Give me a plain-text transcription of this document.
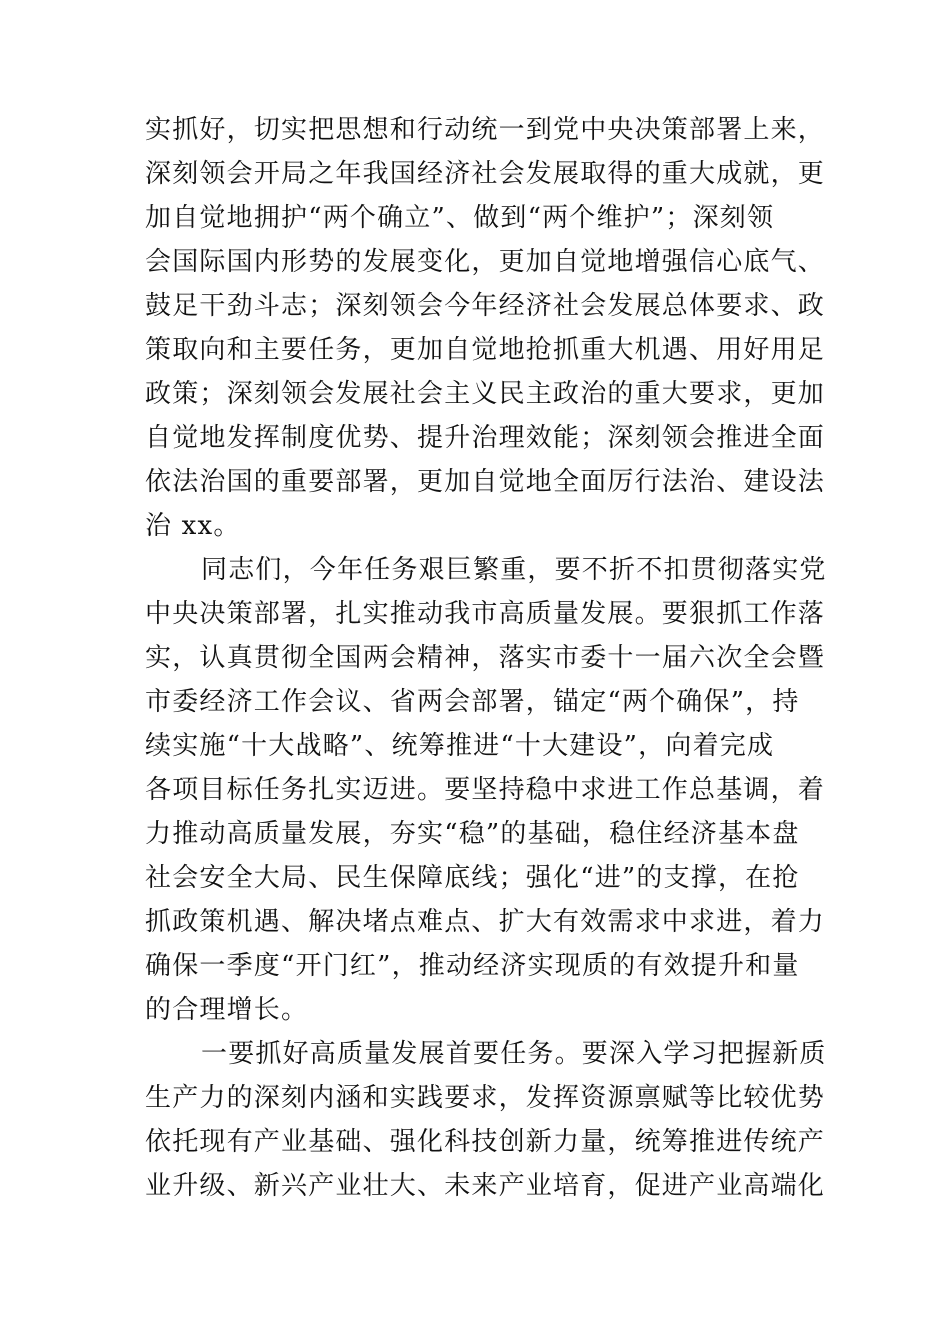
实抓好，切实把思想和行动统一到党中央决策部署上来，
深刻领会开局之年我国经济社会发展取得的重大成就，更
加自觉地拥护“两个确立”、做到“两个维护”；深刻领
会国际国内形势的发展变化，更加自觉地增强信心底气、
鼓足干劲斗志；深刻领会今年经济社会发展总体要求、政
策取向和主要任务，更加自觉地抢抓重大机遇、用好用足
政策；深刻领会发展社会主义民主政治的重大要求，更加
自觉地发挥制度优势、提升治理效能；深刻领会推进全面
依法治国的重要部署，更加自觉地全面厉行法治、建设法
治 xx。
同志们，今年任务艰巨繁重，要不折不扣贯彻落实党
中央决策部署，扎实推动我市高质量发展。要狠抓工作落
实，认真贯彻全国两会精神，落实市委十一届六次全会暨
市委经济工作会议、省两会部署，锚定“两个确保”，持
续实施“十大战略”、统筹推进“十大建设”，向着完成
各项目标任务扎实迈进。要坚持稳中求进工作总基调，着
力推动高质量发展，夯实“稳”的基础，稳住经济基本盘
社会安全大局、民生保障底线；强化“进”的支撑，在抢
抓政策机遇、解决堵点难点、扩大有效需求中求进，着力
确保一季度“开门红”，推动经济实现质的有效提升和量
的合理增长。
一要抓好高质量发展首要任务。要深入学习把握新质
生产力的深刻内涵和实践要求，发挥资源禀赋等比较优势
依托现有产业基础、强化科技创新力量，统筹推进传统产
业升级、新兴产业壮大、未来产业培育，促进产业高端化
